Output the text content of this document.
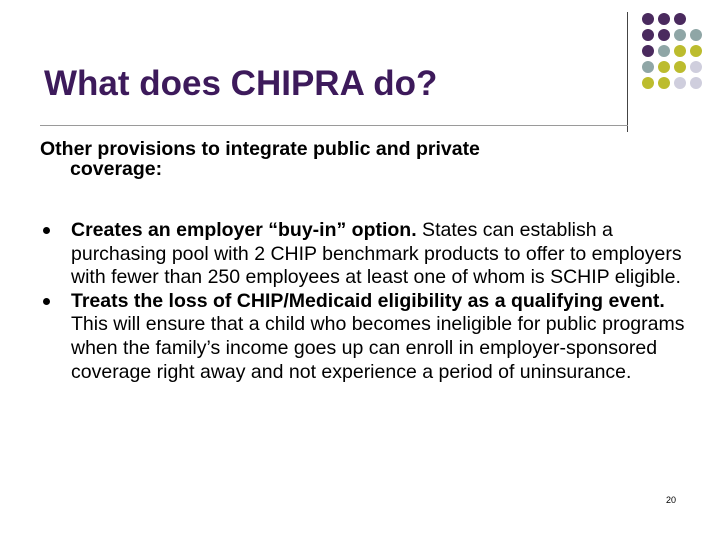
What does CHIPRA do?

Other provisions to integrate public and private
coverage:

Creates an employer “buy-in” option. States can establish a purchasing pool with 2 CHIP benchmark products to offer to employers with fewer than 250 employees at least one of whom is SCHIP eligible.
Treats the loss of CHIP/Medicaid eligibility as a qualifying event. This will ensure that a child who becomes ineligible for public programs when the family’s income goes up can enroll in employer-sponsored coverage right away and not experience a period of uninsurance.
20
